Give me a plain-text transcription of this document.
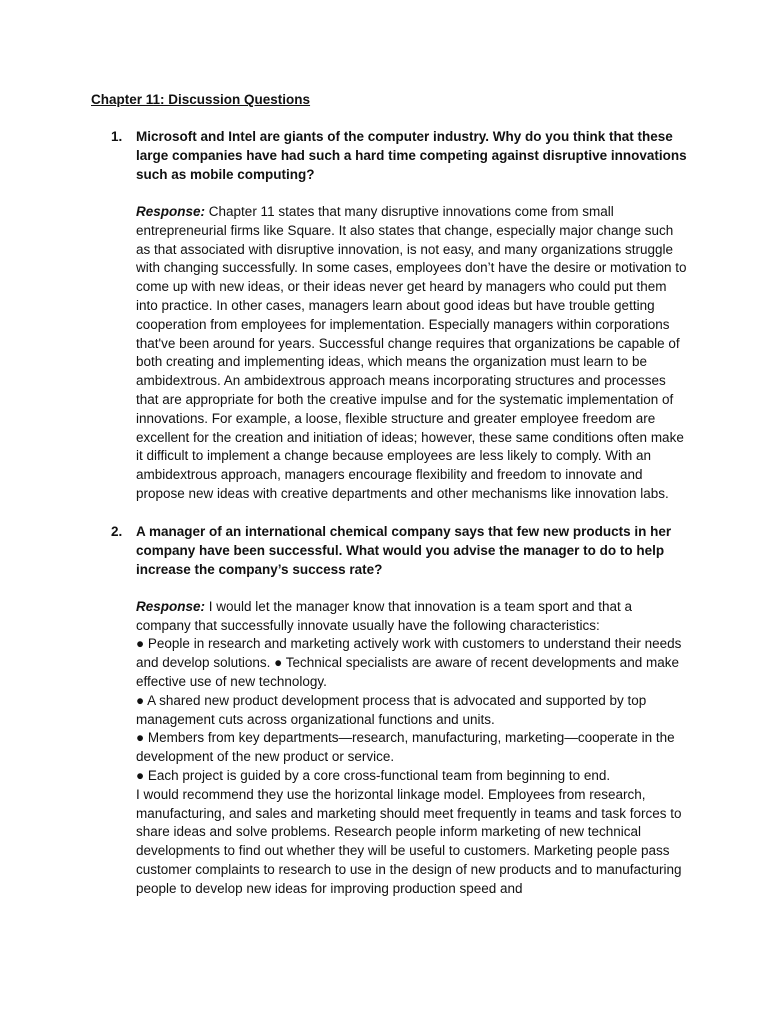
Chapter 11: Discussion Questions
1. Microsoft and Intel are giants of the computer industry. Why do you think that these large companies have had such a hard time competing against disruptive innovations such as mobile computing?

Response: Chapter 11 states that many disruptive innovations come from small entrepreneurial firms like Square. It also states that change, especially major change such as that associated with disruptive innovation, is not easy, and many organizations struggle with changing successfully. In some cases, employees don’t have the desire or motivation to come up with new ideas, or their ideas never get heard by managers who could put them into practice. In other cases, managers learn about good ideas but have trouble getting cooperation from employees for implementation. Especially managers within corporations that've been around for years. Successful change requires that organizations be capable of both creating and implementing ideas, which means the organization must learn to be ambidextrous. An ambidextrous approach means incorporating structures and processes that are appropriate for both the creative impulse and for the systematic implementation of innovations. For example, a loose, flexible structure and greater employee freedom are excellent for the creation and initiation of ideas; however, these same conditions often make it difficult to implement a change because employees are less likely to comply. With an ambidextrous approach, managers encourage flexibility and freedom to innovate and propose new ideas with creative departments and other mechanisms like innovation labs.
2. A manager of an international chemical company says that few new products in her company have been successful. What would you advise the manager to do to help increase the company’s success rate?

Response: I would let the manager know that innovation is a team sport and that a company that successfully innovate usually have the following characteristics:
● People in research and marketing actively work with customers to understand their needs and develop solutions. ● Technical specialists are aware of recent developments and make effective use of new technology.
● A shared new product development process that is advocated and supported by top management cuts across organizational functions and units.
● Members from key departments—research, manufacturing, marketing—cooperate in the development of the new product or service.
● Each project is guided by a core cross-functional team from beginning to end.
I would recommend they use the horizontal linkage model. Employees from research, manufacturing, and sales and marketing should meet frequently in teams and task forces to share ideas and solve problems. Research people inform marketing of new technical developments to find out whether they will be useful to customers. Marketing people pass customer complaints to research to use in the design of new products and to manufacturing people to develop new ideas for improving production speed and
